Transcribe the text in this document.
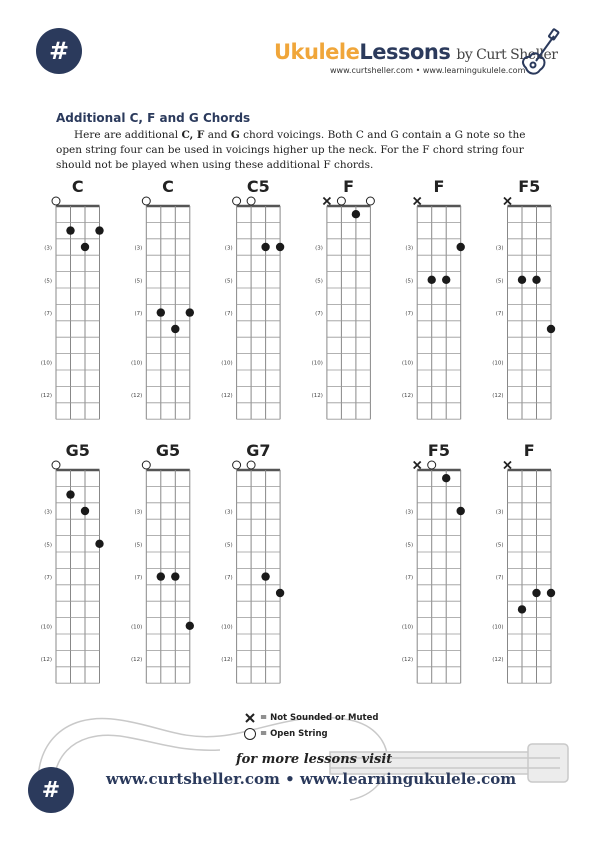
#	UkuleleLessons by Curt Sheller
www.curtsheller.com • www.learningukulele.com
Additional C, F and G Chords
Here are additional C, F and G chord voicings. Both C and G contain a G note so the open string four can be used in voicings higher up the neck. For the F chord string four should not be played when using these additional F chords.
C
(3)
(5)
(7)
(10)
(12)
C
(3)
(5)
(7)
(10)
(12)
C5
(3)
(5)
(7)
(10)
(12)
F
(3)
(5)
(7)
(10)
(12)
F
(3)
(5)
(7)
(10)
(12)
F5
(3)
(5)
(7)
(10)
(12)
G5
(3)
(5)
(7)
(10)
(12)
G5
(3)
(5)
(7)
(10)
(12)
G7
(3)
(5)
(7)
(10)
(12)
F5
(3)
(5)
(7)
(10)
(12)
F
(3)
(5)
(7)
(10)
(12)
= Not Sounded or Muted
= Open String
for more lessons visit
www.curtsheller.com • www.learningukulele.com
#
